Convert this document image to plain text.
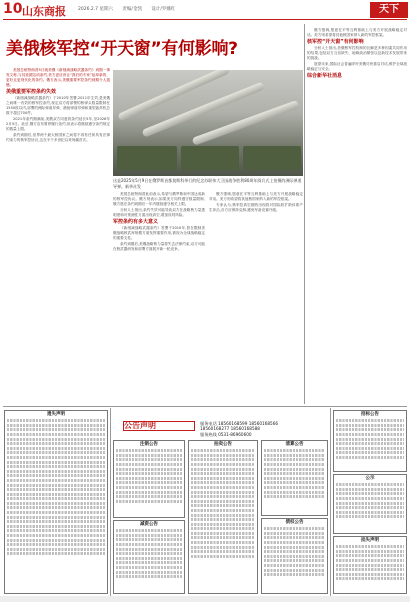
10 山东商报	2026.2.7 星期六 责编/金凯 设计/罗娜红	天下
美俄核军控“开天窗”有何影响?

美国总统特朗普5日就美俄《新削减战略武器条约》到期一事发文称,与其延期这项条约,美方更应该让“我们的专家”起草新的、更好且更现代化的条约。俄方表示,美俄重要军控条约到期令人遗憾。

美俄重要军控条约失效

《新削减战略武器条约》于2010年签署,2011年生效,是美俄之间唯一有效的核军控条约,规定双方将部署的核弹头数量限制在1550枚以内,部署的洲际弹道导弹、潜射弹道导弹和重型轰炸机总数不超过700件。

2021年条约期满前,美俄双方同意将条约延长5年,至2026年2月5日。此后,俄方宣布暂停履行条约,但表示将继续遵守条约规定的数量上限。

条约到期后,世界两个最大核国家之间将不再有任何具有法律约束力的核军控协议,这在半个多世纪以来尚属首次。

这是2025年5月9日在俄罗斯首都莫斯科举行的纪念苏联伟大卫国战争胜利80周年阅兵式上拍摄的洲际弹道导弹。新华社发

美国总统特朗普此前表示,希望与俄罗斯和中国达成新的核军控协议。俄方则表示,如果美方同样遵守数量限制,俄方愿在条约到期后一年内继续遵守相关上限。

分析人士指出,条约失效可能导致双方在战略核力量透明度和可预测性方面出现真空,增加误判风险。

军控条约有多大意义

《新削减战略武器条约》签署于2010年,曾在限制美俄战略核武库规模方面发挥重要作用,被视为全球战略稳定的重要支柱。

条约到期后,美俄战略核力量将失去法律约束,双方可能在核武器研发和部署方面展开新一轮竞争。

俄方强调,愿意在平等互利基础上与美方开展战略稳定对话。美方则希望将其他核国家纳入新的军控框架。

专家认为,核军控真空期的出现将对国际防扩散体系产生冲击,各方应保持克制,避免军备竞赛升级。

俄方强调,愿意在平等互利基础上与美方开展战略稳定对话。美方则希望将其他核国家纳入新的军控框架。

核军控“开天窗”有何影响

分析人士指出,美俄核军控机制的瓦解是多种因素共同作用的结果,包括双方互信缺失、地缘政治紧张以及新技术发展带来的挑战。

展望未来,国际社会普遍呼吁美俄尽快重启对话,维护全球战略稳定与安全。

综合新华社消息

公告声明	服务电话 18560168599 18560168566
18560168277 18560168588
服务热线 0531-86960600
遗失声明
注销公告
减资公告
拍卖公告	清算公告
债权公告
招标公告
公示
挂失声明
